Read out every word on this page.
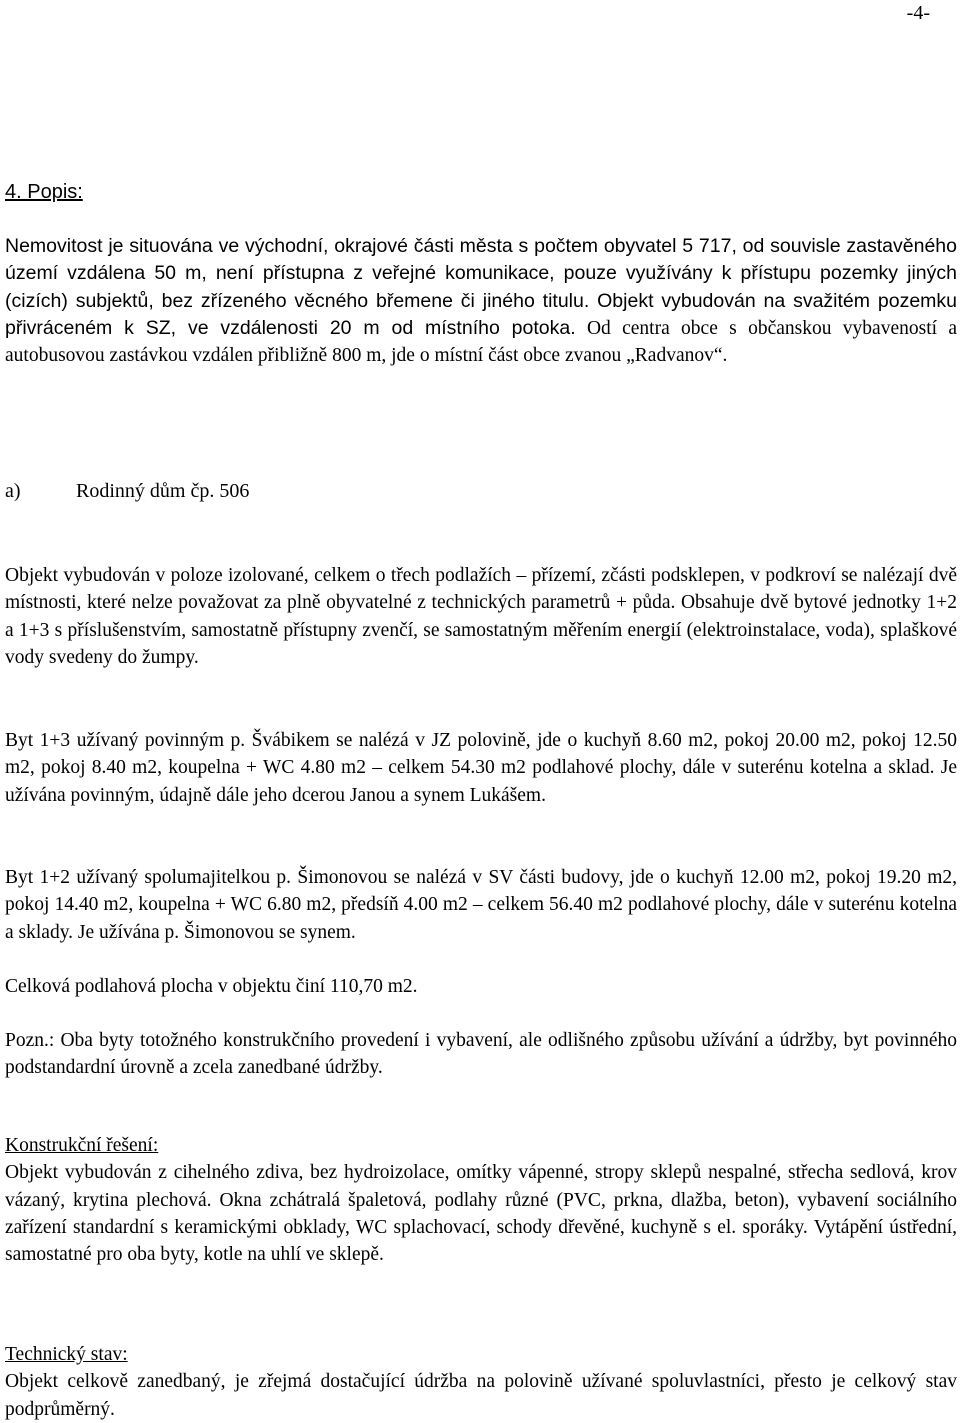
-4-
4. Popis:

Nemovitost je situována ve východní, okrajové části města s počtem obyvatel 5 717, od souvisle zastavěného území vzdálena 50 m, není přístupna z veřejné komunikace, pouze využívány k přístupu pozemky jiných (cizích) subjektů, bez zřízeného věcného břemene či jiného titulu. Objekt vybudován na svažitém pozemku přivráceném k SZ, ve vzdálenosti 20 m od místního potoka. Od centra obce s občanskou vybaveností a autobusovou zastávkou vzdálen přibližně 800 m, jde o místní část obce zvanou „Radvanov“.

a)	Rodinný dům čp. 506

Objekt vybudován v poloze izolované, celkem o třech podlažích – přízemí, zčásti podsklepen, v podkroví se nalézají dvě místnosti, které nelze považovat za plně obyvatelné z technických parametrů + půda. Obsahuje dvě bytové jednotky 1+2 a 1+3 s příslušenstvím, samostatně přístupny zvenčí, se samostatným měřením energií (elektroinstalace, voda), splaškové vody svedeny do žumpy.

Byt 1+3 užívaný povinným p. Švábikem se nalézá v JZ polovině, jde o kuchyň 8.60 m2, pokoj 20.00 m2, pokoj 12.50 m2, pokoj 8.40 m2, koupelna + WC 4.80 m2 – celkem 54.30 m2 podlahové plochy, dále v suterénu kotelna a sklad. Je užívána povinným, údajně dále jeho dcerou Janou a synem Lukášem.

Byt 1+2 užívaný spolumajitelkou p. Šimonovou se nalézá v SV části budovy, jde o kuchyň 12.00 m2, pokoj 19.20 m2, pokoj 14.40 m2, koupelna + WC 6.80 m2, předsíň 4.00 m2 – celkem 56.40 m2 podlahové plochy, dále v suterénu kotelna a sklady. Je užívána p. Šimonovou se synem.

Celková podlahová plocha v objektu činí 110,70 m2.

Pozn.: Oba byty totožného konstrukčního provedení i vybavení, ale odlišného způsobu užívání a údržby, byt povinného podstandardní úrovně a zcela zanedbané údržby.

Konstrukční řešení:

Objekt vybudován z cihelného zdiva, bez hydroizolace, omítky vápenné, stropy sklepů nespalné, střecha sedlová, krov vázaný, krytina plechová. Okna zchátralá špaletová, podlahy různé (PVC, prkna, dlažba, beton), vybavení sociálního zařízení standardní s keramickými obklady, WC splachovací, schody dřevěné, kuchyně s el. sporáky. Vytápění ústřední, samostatné pro oba byty, kotle na uhlí ve sklepě.

Technický stav:

Objekt celkově zanedbaný, je zřejmá dostačující údržba na polovině užívané spoluvlastníci, přesto je celkový stav podprůměrný.
